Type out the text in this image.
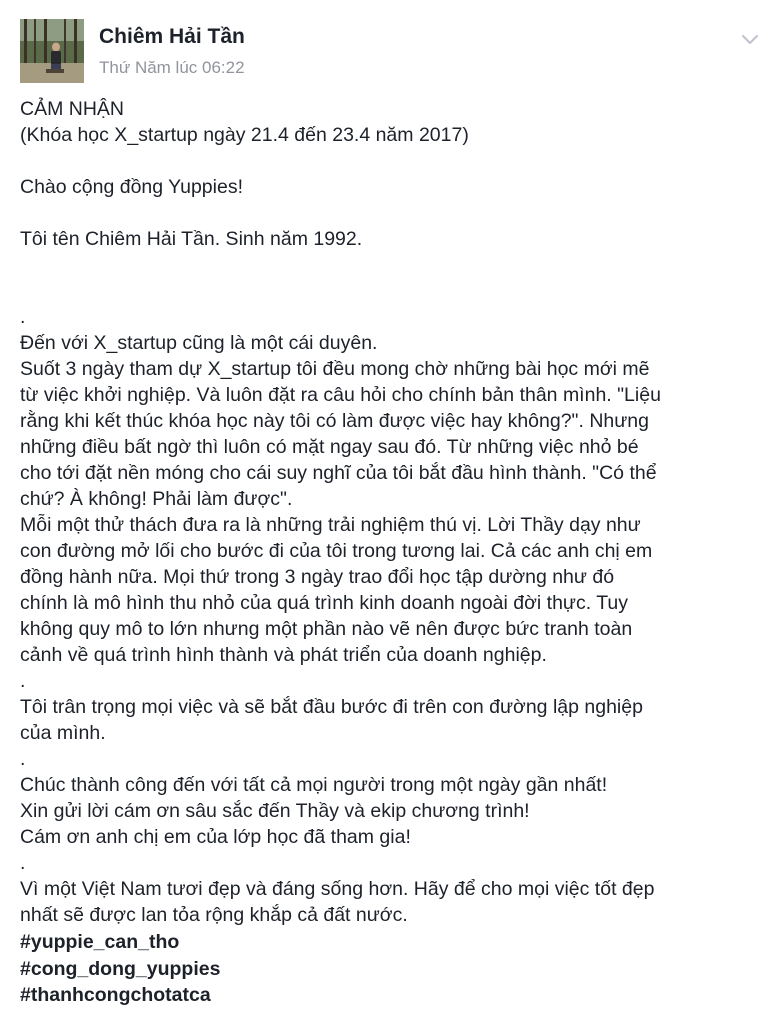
Chiêm Hải Tần
Thứ Năm lúc 06:22
CẢM NHẬN
(Khóa học X_startup ngày 21.4 đến 23.4 năm 2017)
Chào cộng đồng Yuppies!
Tôi tên Chiêm Hải Tần. Sinh năm 1992.
.
Đến với X_startup cũng là một cái duyên.
Suốt 3 ngày tham dự X_startup tôi đều mong chờ những bài học mới mẽ
từ việc khởi nghiệp. Và luôn đặt ra câu hỏi cho chính bản thân mình. "Liệu
rằng khi kết thúc khóa học này tôi có làm được việc hay không?". Nhưng
những điều bất ngờ thì luôn có mặt ngay sau đó. Từ những việc nhỏ bé
cho tới đặt nền móng cho cái suy nghĩ của tôi bắt đầu hình thành. "Có thể
chứ? À không! Phải làm được".
Mỗi một thử thách đưa ra là những trải nghiệm thú vị. Lời Thầy dạy như
con đường mở lối cho bước đi của tôi trong tương lai. Cả các anh chị em
đồng hành nữa. Mọi thứ trong 3 ngày trao đổi học tập dường như đó
chính là mô hình thu nhỏ của quá trình kinh doanh ngoài đời thực. Tuy
không quy mô to lớn nhưng một phần nào vẽ nên được bức tranh toàn
cảnh về quá trình hình thành và phát triển của doanh nghiệp.
.
Tôi trân trọng mọi việc và sẽ bắt đầu bước đi trên con đường lập nghiệp
của mình.
.
Chúc thành công đến với tất cả mọi người trong một ngày gần nhất!
Xin gửi lời cám ơn sâu sắc đến Thầy và ekip chương trình!
Cám ơn anh chị em của lớp học đã tham gia!
.
Vì một Việt Nam tươi đẹp và đáng sống hơn. Hãy để cho mọi việc tốt đẹp
nhất sẽ được lan tỏa rộng khắp cả đất nước.
#yuppie_can_tho
#cong_dong_yuppies
#thanhcongchotatca
